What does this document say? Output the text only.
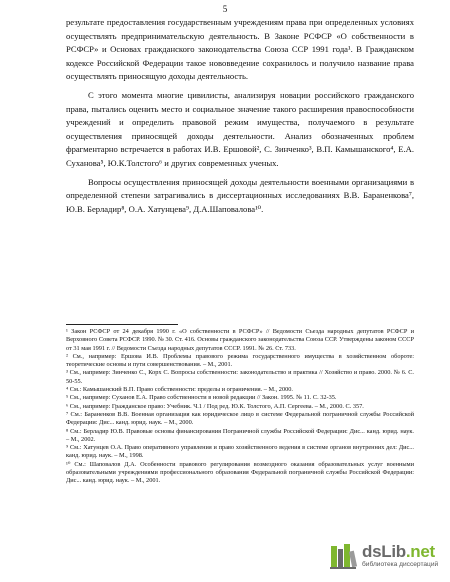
5

результате предоставления государственным учреждениям права при определенных условиях осуществлять предпринимательскую деятельность. В Законе РСФСР «О собственности в РСФСР» и Основах гражданского законодательства Союза ССР 1991 года¹. В Гражданском кодексе Российской Федерации такое нововведение сохранилось и получило название права осуществлять приносящую доходы деятельность.

С этого момента многие цивилисты, анализируя новации российского гражданского права, пытались оценить место и социальное значение такого расширения правоспособности учреждений и определить правовой режим имущества, получаемого в результате осуществления приносящей доходы деятельности. Анализ обозначенных проблем фрагментарно встречается в работах И.В. Ершовой², С. Зинченко³, В.П. Камышанского⁴, Е.А. Суханова⁵, Ю.К.Толстого⁶ и других современных ученых.

Вопросы осуществления приносящей доходы деятельности военными организациями в определенной степени затрагивались в диссертационных исследованиях В.В. Бараненкова⁷, Ю.В. Берладир⁸, О.А. Хатунцева⁹, Д.А.Шаповалова¹⁰.

¹ Закон РСФСР от 24 декабря 1990 г. «О собственности в РСФСР» // Ведомости Съезда народных депутатов РСФСР и Верховного Совета РСФСР. 1990. № 30. Ст. 416. Основы гражданского законодательства Союза ССР. Утверждены законом СССР от 31 мая 1991 г. // Ведомости Съезда народных депутатов СССР. 1991. № 26. Ст. 733.

² См., например: Ершова И.В. Проблемы правового режима государственного имущества в хозяйственном обороте: теоретические основы и пути совершенствования. – М., 2001.

³ См., например: Зинченко С., Корх С. Вопросы собственности: законодательство и практика // Хозяйство и право. 2000. № 6. С. 50-55.

⁴ См.: Камышанский В.П. Право собственности: пределы и ограничения. – М., 2000.

⁵ См., например: Суханов Е.А. Право собственности в новой редакции // Закон. 1995. № 11. С. 32-35.

⁶ См., например: Гражданское право: Учебник. Ч.1 / Под ред. Ю.К. Толстого, А.П. Сергеева. – М., 2000. С. 357.

⁷ См.: Бараненков В.В. Военная организация как юридическое лицо в системе Федеральной пограничной службы Российской Федерации: Дис... канд. юрид. наук. – М., 2000.

⁸ См.: Берладир Ю.В. Правовые основы финансирования Пограничной службы Российской Федерации: Дис... канд. юрид. наук. – М., 2002.

⁹ См.: Хатунцев О.А. Право оперативного управления и право хозяйственного ведения в системе органов внутренних дел: Дис... канд. юрид. наук. – М., 1998.

¹⁰ См.: Шаповалов Д.А. Особенности правового регулирования возмездного оказания образовательных услуг военными образовательными учреждениями профессионального образования Федеральной пограничной службы Российской Федерации: Дис... канд. юрид. наук. – М., 2001.

dsLib.net
библиотека диссертаций
